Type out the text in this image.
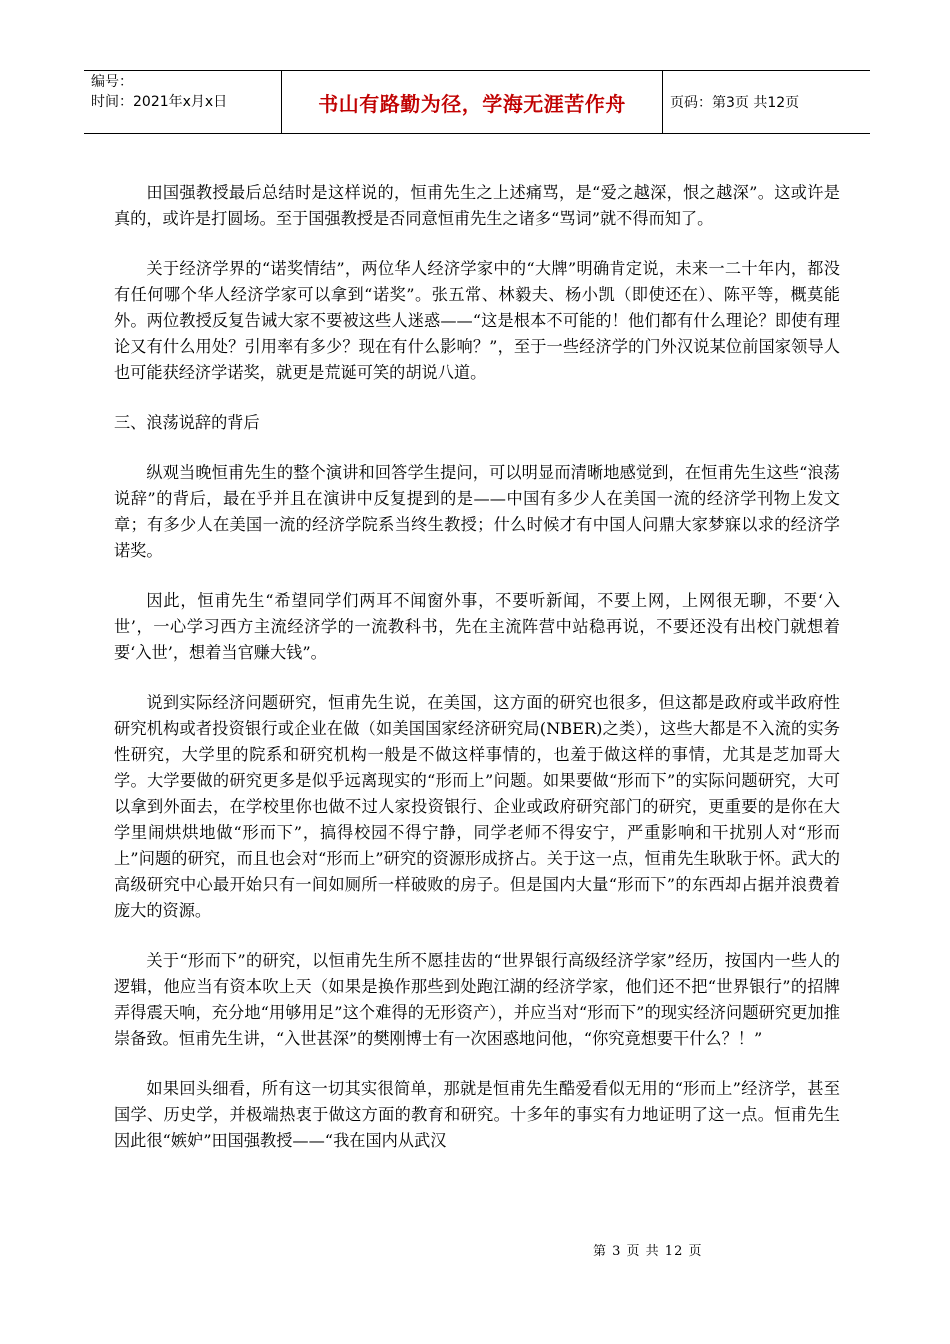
编号：
时间：2021年x月x日	书山有路勤为径，学海无涯苦作舟	页码：第3页 共12页

田国强教授最后总结时是这样说的，恒甫先生之上述痛骂，是“爱之越深，恨之越深”。这或许是真的，或许是打圆场。至于国强教授是否同意恒甫先生之诸多“骂词”就不得而知了。

关于经济学界的“诺奖情结”，两位华人经济学家中的“大牌”明确肯定说，未来一二十年内，都没有任何哪个华人经济学家可以拿到“诺奖”。张五常、林毅夫、杨小凯（即使还在）、陈平等，概莫能外。两位教授反复告诫大家不要被这些人迷惑——“这是根本不可能的！他们都有什么理论？即使有理论又有什么用处？引用率有多少？现在有什么影响？”，至于一些经济学的门外汉说某位前国家领导人也可能获经济学诺奖，就更是荒诞可笑的胡说八道。

三、浪荡说辞的背后

纵观当晚恒甫先生的整个演讲和回答学生提问，可以明显而清晰地感觉到，在恒甫先生这些“浪荡说辞”的背后，最在乎并且在演讲中反复提到的是——中国有多少人在美国一流的经济学刊物上发文章；有多少人在美国一流的经济学院系当终生教授；什么时候才有中国人问鼎大家梦寐以求的经济学诺奖。

因此，恒甫先生“希望同学们两耳不闻窗外事，不要听新闻，不要上网，上网很无聊，不要‘入世’，一心学习西方主流经济学的一流教科书，先在主流阵营中站稳再说，不要还没有出校门就想着要‘入世’，想着当官赚大钱”。

说到实际经济问题研究，恒甫先生说，在美国，这方面的研究也很多，但这都是政府或半政府性研究机构或者投资银行或企业在做（如美国国家经济研究局(NBER)之类），这些大都是不入流的实务性研究，大学里的院系和研究机构一般是不做这样事情的，也羞于做这样的事情，尤其是芝加哥大学。大学要做的研究更多是似乎远离现实的“形而上”问题。如果要做“形而下”的实际问题研究，大可以拿到外面去，在学校里你也做不过人家投资银行、企业或政府研究部门的研究，更重要的是你在大学里闹烘烘地做“形而下”，搞得校园不得宁静，同学老师不得安宁，严重影响和干扰别人对“形而上”问题的研究，而且也会对“形而上”研究的资源形成挤占。关于这一点，恒甫先生耿耿于怀。武大的高级研究中心最开始只有一间如厕所一样破败的房子。但是国内大量“形而下”的东西却占据并浪费着庞大的资源。

关于“形而下”的研究，以恒甫先生所不愿挂齿的“世界银行高级经济学家”经历，按国内一些人的逻辑，他应当有资本吹上天（如果是换作那些到处跑江湖的经济学家，他们还不把“世界银行”的招牌弄得震天响，充分地“用够用足”这个难得的无形资产），并应当对“形而下”的现实经济问题研究更加推崇备致。恒甫先生讲，“入世甚深”的樊刚博士有一次困惑地问他，“你究竟想要干什么？！”

如果回头细看，所有这一切其实很简单，那就是恒甫先生酷爱看似无用的“形而上”经济学，甚至国学、历史学，并极端热衷于做这方面的教育和研究。十多年的事实有力地证明了这一点。恒甫先生因此很“嫉妒”田国强教授——“我在国内从武汉

第 3 页 共 12 页
